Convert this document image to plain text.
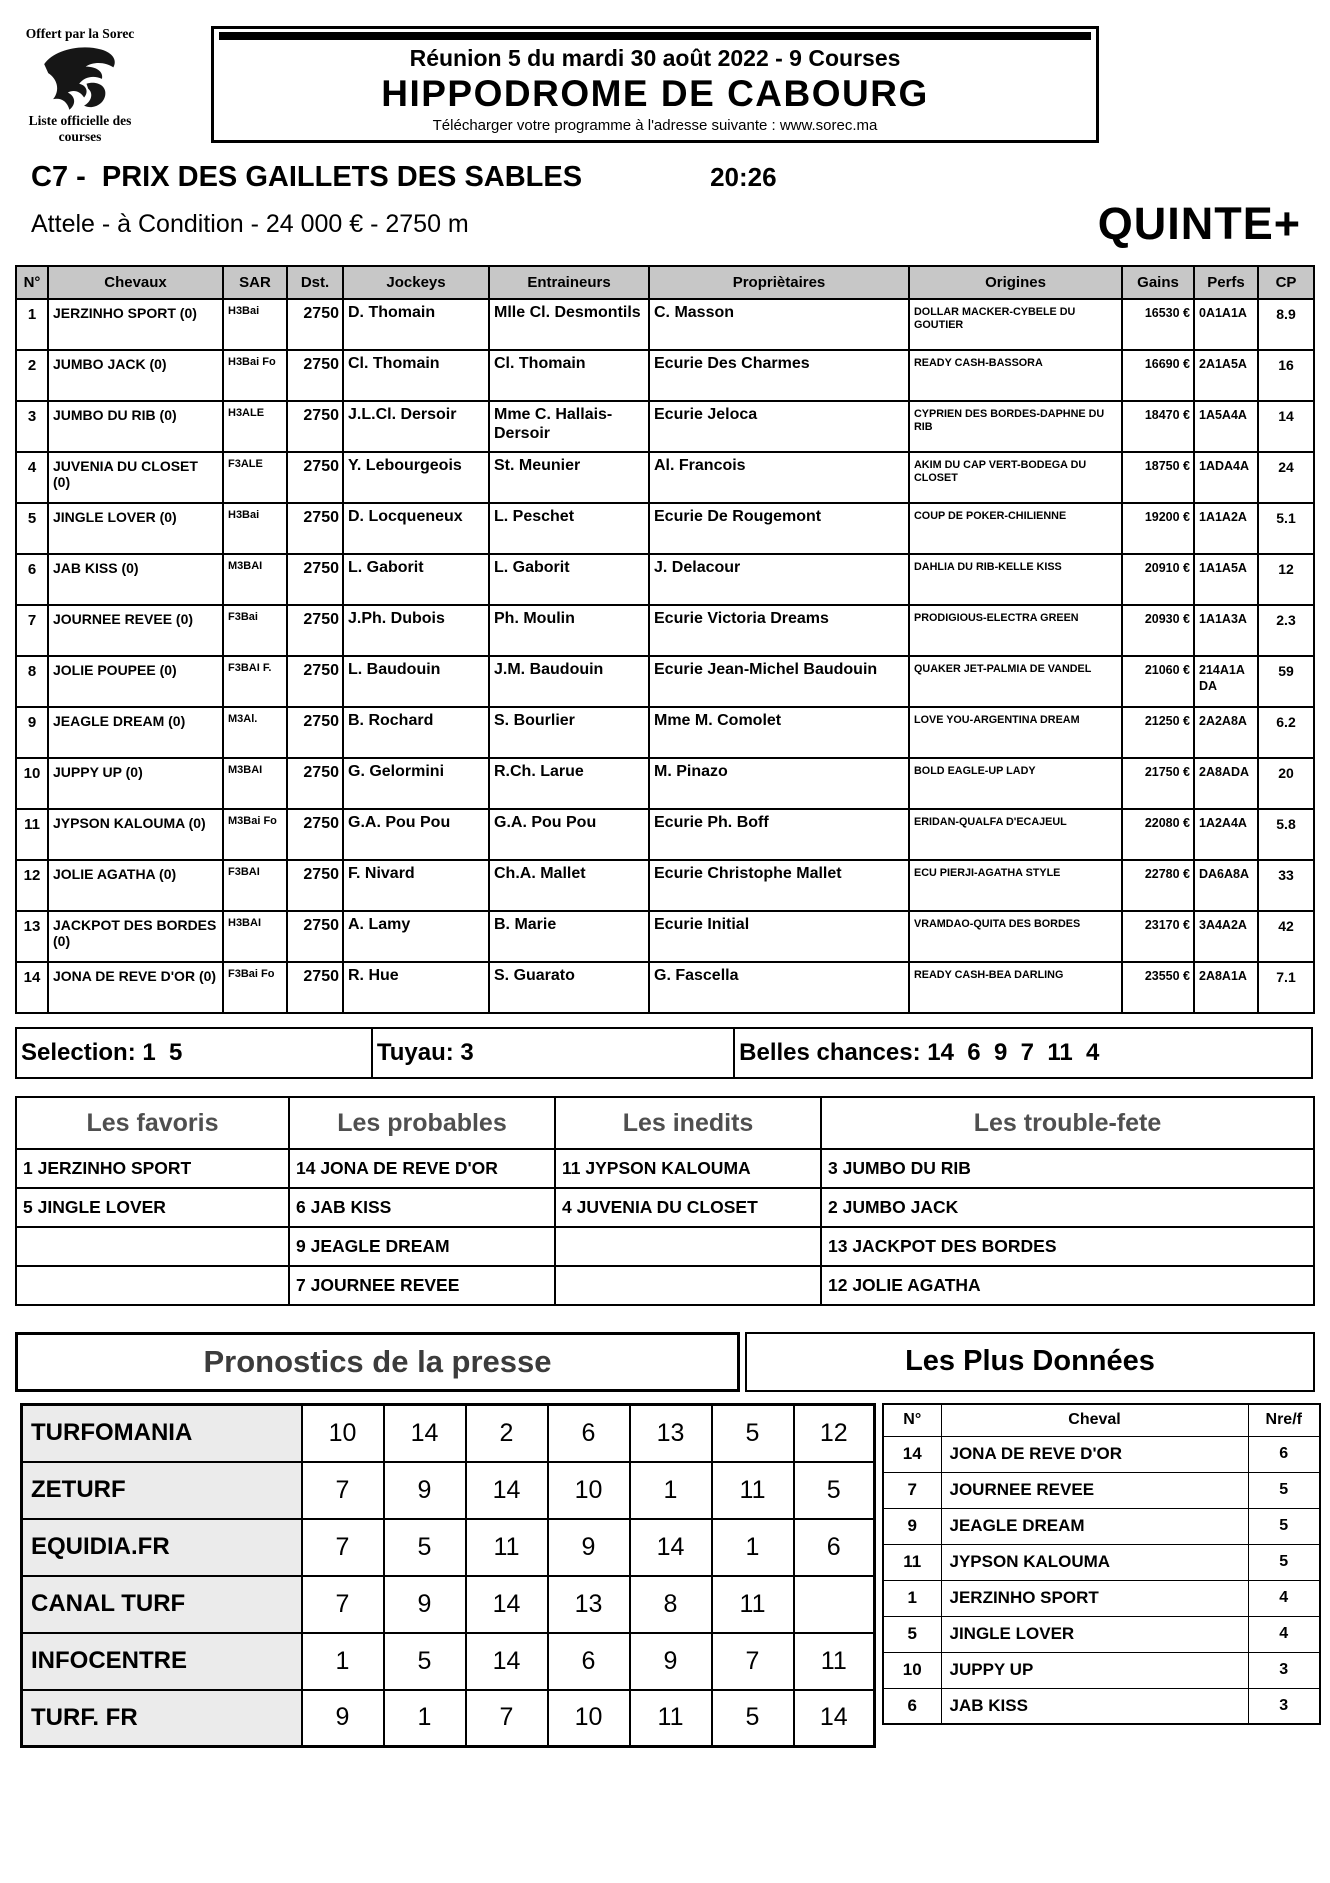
Offert par la Sorec
Liste officielle des courses
Réunion 5 du mardi 30 août 2022 - 9 Courses
HIPPODROME DE CABOURG
Télécharger votre programme à l'adresse suivante : www.sorec.ma
C7 -  PRIX DES GAILLETS DES SABLES	20:26
Attele - à Condition - 24 000 € - 2750 m	QUINTE+
N°	Chevaux	SAR	Dst.	Jockeys	Entraineurs	Propriètaires	Origines	Gains	Perfs	CP
1	JERZINHO SPORT (0)	H3Bai	2750	D. Thomain	Mlle Cl. Desmontils	C. Masson	DOLLAR MACKER-CYBELE DU GOUTIER	16530 €	0A1A1A	8.9
2	JUMBO JACK (0)	H3Bai Fo	2750	Cl. Thomain	Cl. Thomain	Ecurie Des Charmes	READY CASH-BASSORA	16690 €	2A1A5A	16
3	JUMBO DU RIB (0)	H3ALE	2750	J.L.Cl. Dersoir	Mme C. Hallais-Dersoir	Ecurie Jeloca	CYPRIEN DES BORDES-DAPHNE DU RIB	18470 €	1A5A4A	14
4	JUVENIA DU CLOSET (0)	F3ALE	2750	Y. Lebourgeois	St. Meunier	Al. Francois	AKIM DU CAP VERT-BODEGA DU CLOSET	18750 €	1ADA4A	24
5	JINGLE LOVER (0)	H3Bai	2750	D. Locqueneux	L. Peschet	Ecurie De Rougemont	COUP DE POKER-CHILIENNE	19200 €	1A1A2A	5.1
6	JAB KISS (0)	M3BAI	2750	L. Gaborit	L. Gaborit	J. Delacour	DAHLIA DU RIB-KELLE KISS	20910 €	1A1A5A	12
7	JOURNEE REVEE (0)	F3Bai	2750	J.Ph. Dubois	Ph. Moulin	Ecurie Victoria Dreams	PRODIGIOUS-ELECTRA GREEN	20930 €	1A1A3A	2.3
8	JOLIE POUPEE (0)	F3BAI F.	2750	L. Baudouin	J.M. Baudouin	Ecurie Jean-Michel Baudouin	QUAKER JET-PALMIA DE VANDEL	21060 €	214A1ADA	59
9	JEAGLE DREAM (0)	M3Al.	2750	B. Rochard	S. Bourlier	Mme M. Comolet	LOVE YOU-ARGENTINA DREAM	21250 €	2A2A8A	6.2
10	JUPPY UP (0)	M3BAI	2750	G. Gelormini	R.Ch. Larue	M. Pinazo	BOLD EAGLE-UP LADY	21750 €	2A8ADA	20
11	JYPSON KALOUMA (0)	M3Bai Fo	2750	G.A. Pou Pou	G.A. Pou Pou	Ecurie Ph. Boff	ERIDAN-QUALFA D'ECAJEUL	22080 €	1A2A4A	5.8
12	JOLIE AGATHA (0)	F3BAI	2750	F. Nivard	Ch.A. Mallet	Ecurie Christophe Mallet	ECU PIERJI-AGATHA STYLE	22780 €	DA6A8A	33
13	JACKPOT DES BORDES (0)	H3BAI	2750	A. Lamy	B. Marie	Ecurie Initial	VRAMDAO-QUITA DES BORDES	23170 €	3A4A2A	42
14	JONA DE REVE D'OR (0)	F3Bai Fo	2750	R. Hue	S. Guarato	G. Fascella	READY CASH-BEA DARLING	23550 €	2A8A1A	7.1
Selection: 1  5	Tuyau: 3	Belles chances: 14  6  9  7  11  4
Les favoris	Les probables	Les inedits	Les trouble-fete
1 JERZINHO SPORT	14 JONA DE REVE D'OR	11 JYPSON KALOUMA	3 JUMBO DU RIB
5 JINGLE LOVER	6 JAB KISS	4 JUVENIA DU CLOSET	2 JUMBO JACK
	9 JEAGLE DREAM		13 JACKPOT DES BORDES
	7 JOURNEE REVEE		12 JOLIE AGATHA
Pronostics de la presse	Les Plus Données
TURFOMANIA	10	14	2	6	13	5	12
ZETURF	7	9	14	10	1	11	5
EQUIDIA.FR	7	5	11	9	14	1	6
CANAL TURF	7	9	14	13	8	11	
INFOCENTRE	1	5	14	6	9	7	11
TURF. FR	9	1	7	10	11	5	14
N°	Cheval	Nre/f
14	JONA DE REVE D'OR	6
7	JOURNEE REVEE	5
9	JEAGLE DREAM	5
11	JYPSON KALOUMA	5
1	JERZINHO SPORT	4
5	JINGLE LOVER	4
10	JUPPY UP	3
6	JAB KISS	3
